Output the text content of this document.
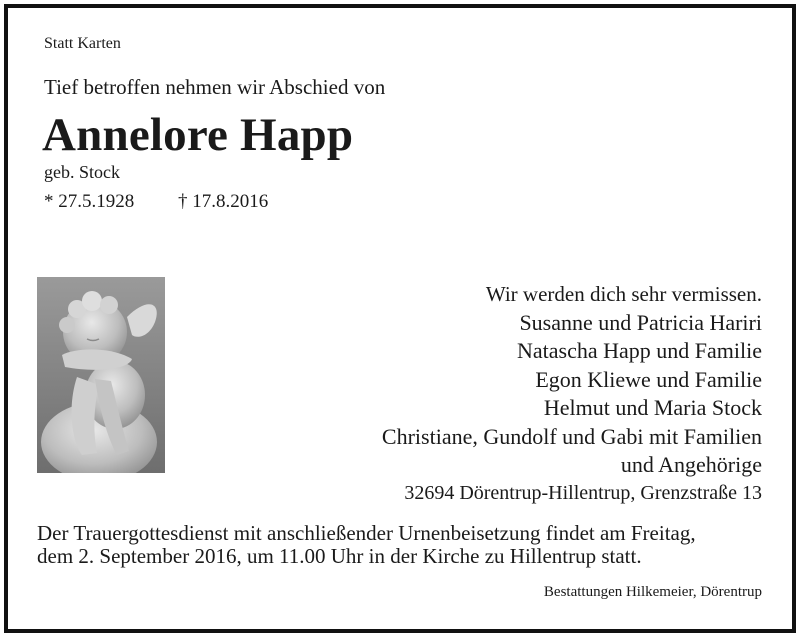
Statt Karten
Tief betroffen nehmen wir Abschied von
Annelore Happ
geb. Stock
* 27.5.1928 † 17.8.2016
Wir werden dich sehr vermissen.
Susanne und Patricia Hariri
Natascha Happ und Familie
Egon Kliewe und Familie
Helmut und Maria Stock
Christiane, Gundolf und Gabi mit Familien
und Angehörige
32694 Dörentrup-Hillentrup, Grenzstraße 13
Der Trauergottesdienst mit anschließender Urnenbeisetzung findet am Freitag,
dem 2. September 2016, um 11.00 Uhr in der Kirche zu Hillentrup statt.
Bestattungen Hilkemeier, Dörentrup
